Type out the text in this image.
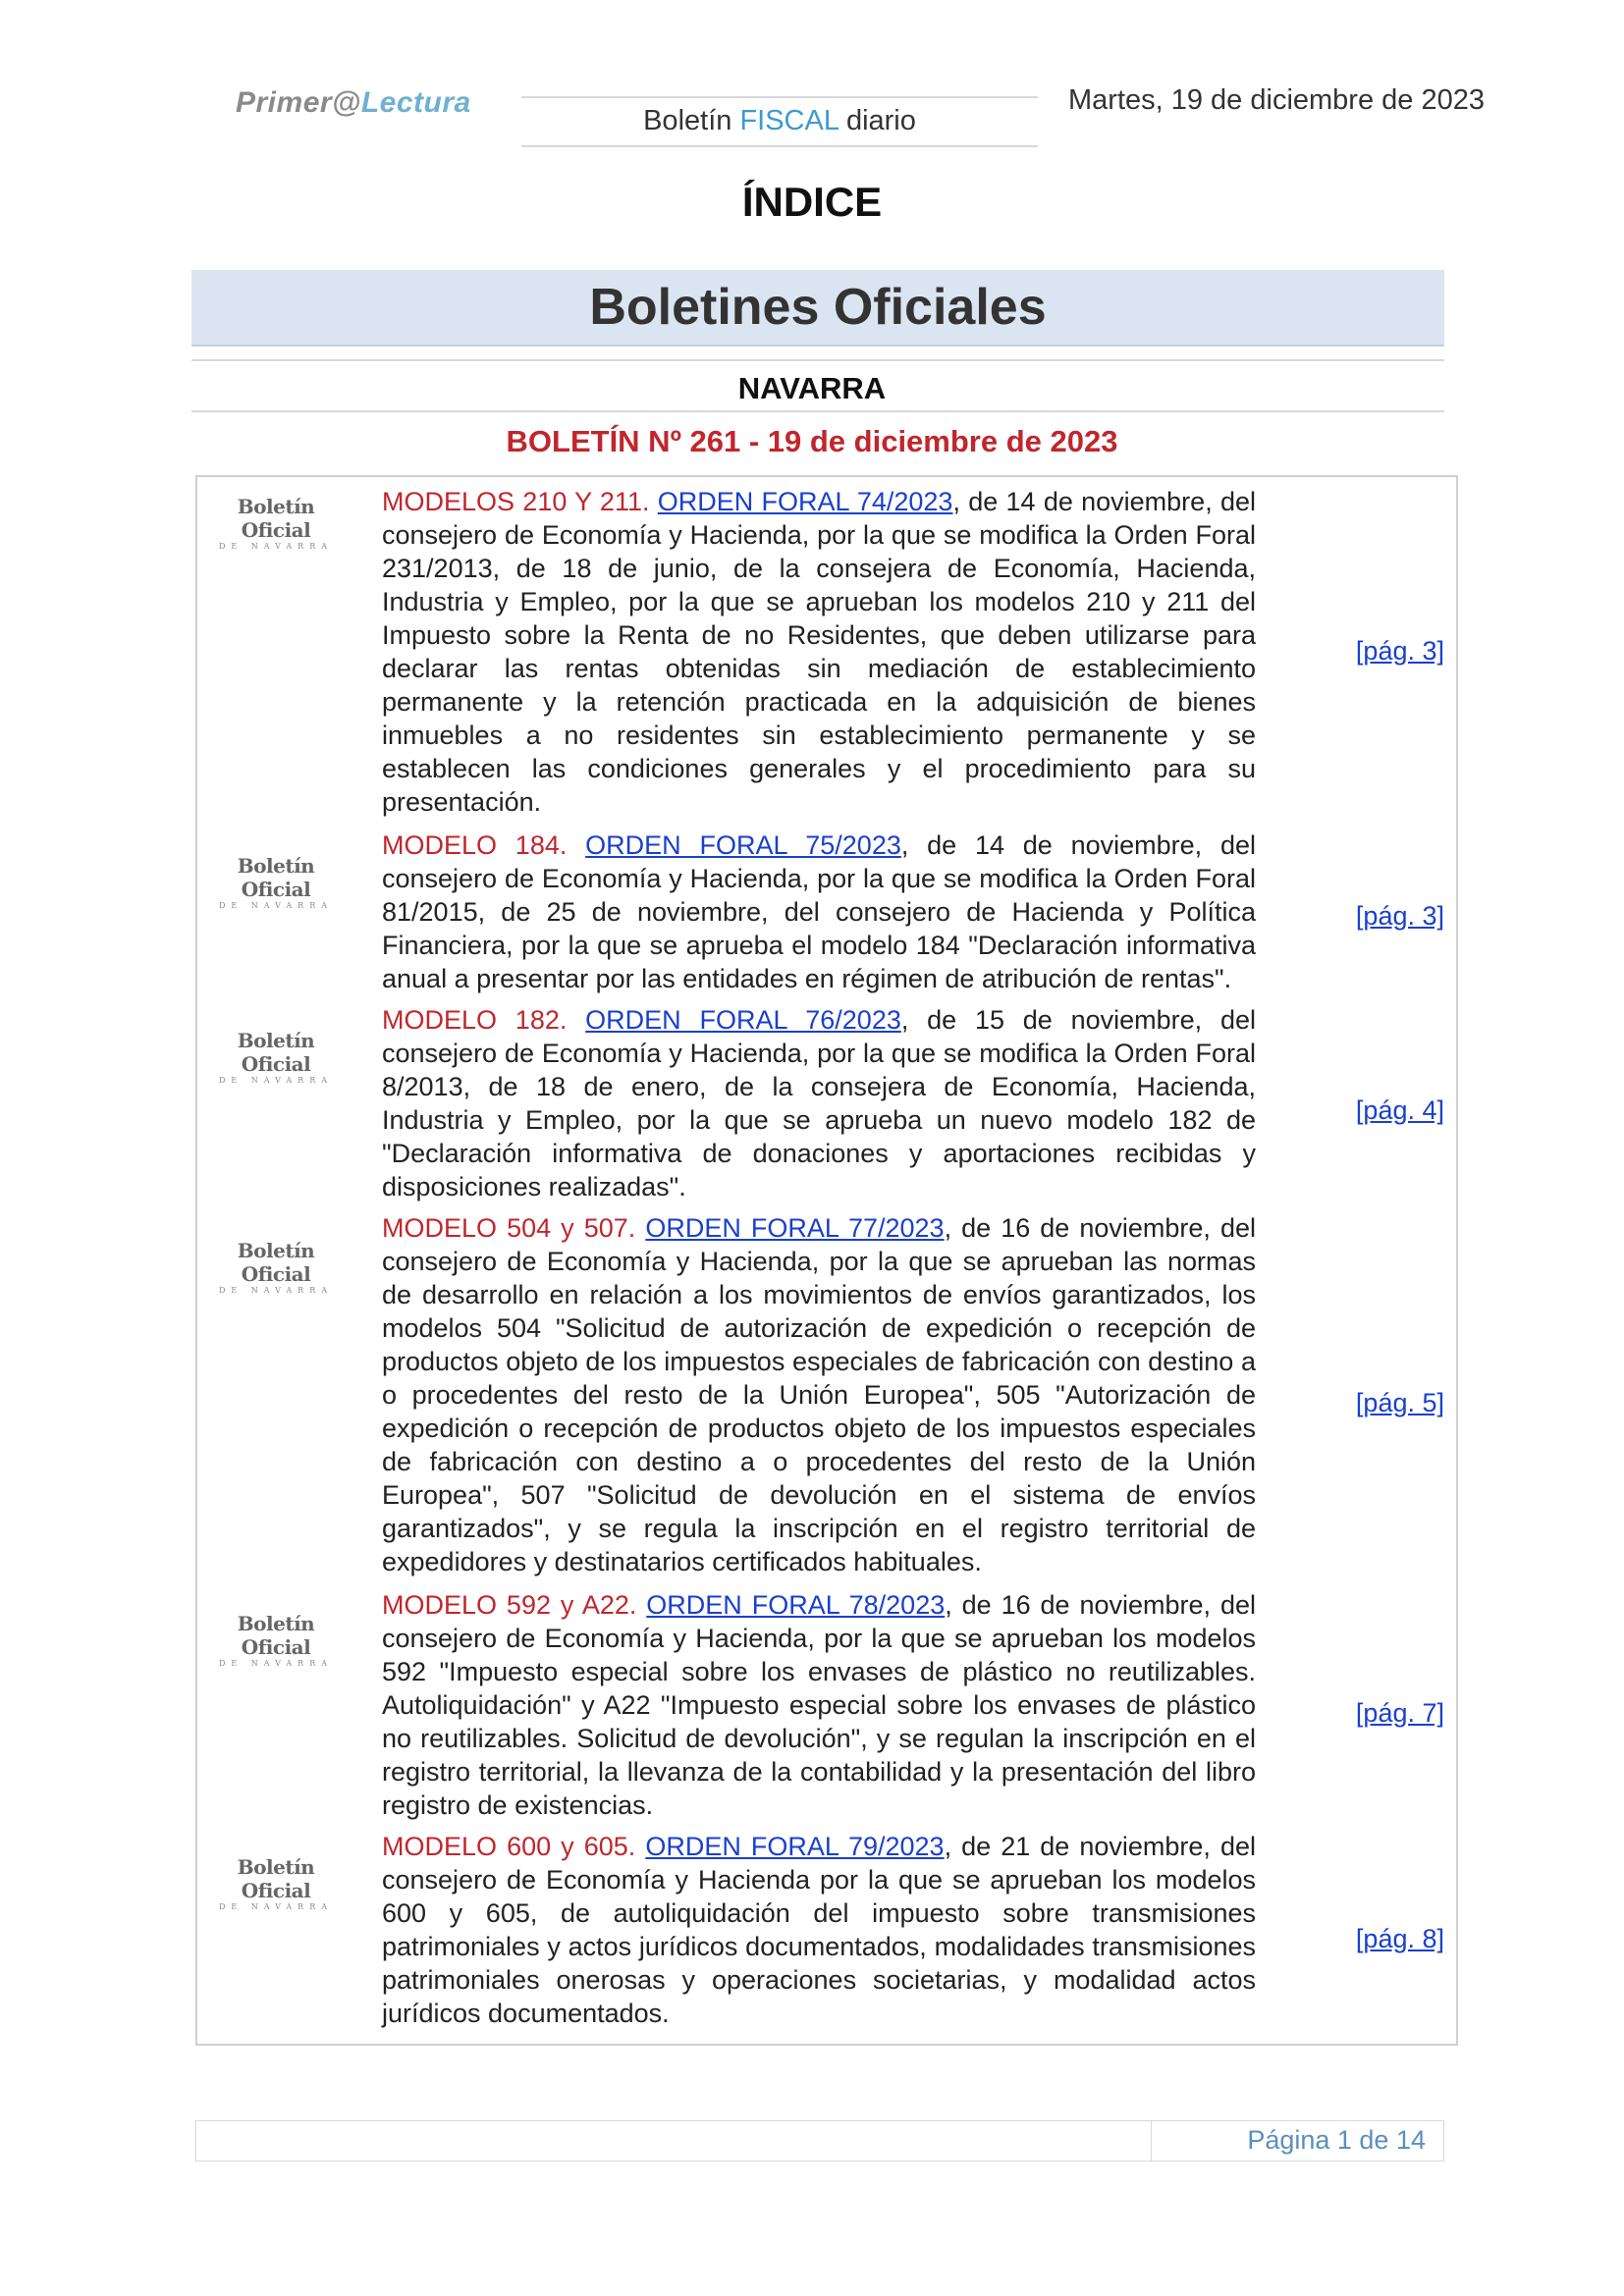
Primer@Lectura
Boletín FISCAL diario
Martes, 19 de diciembre de 2023
ÍNDICE
Boletines Oficiales
NAVARRA
BOLETÍN Nº 261 - 19 de diciembre de 2023
Boletín Oficial
DE NAVARRA
MODELOS 210 Y 211. ORDEN FORAL 74/2023, de 14 de noviembre, del consejero de Economía y Hacienda, por la que se modifica la Orden Foral 231/2013, de 18 de junio, de la consejera de Economía, Hacienda, Industria y Empleo, por la que se aprueban los modelos 210 y 211 del Impuesto sobre la Renta de no Residentes, que deben utilizarse para declarar las rentas obtenidas sin mediación de establecimiento permanente y la retención practicada en la adquisición de bienes inmuebles a no residentes sin establecimiento permanente y se establecen las condiciones generales y el procedimiento para su presentación.
[pág. 3]
Boletín Oficial
DE NAVARRA
MODELO 184. ORDEN FORAL 75/2023, de 14 de noviembre, del consejero de Economía y Hacienda, por la que se modifica la Orden Foral 81/2015, de 25 de noviembre, del consejero de Hacienda y Política Financiera, por la que se aprueba el modelo 184 "Declaración informativa anual a presentar por las entidades en régimen de atribución de rentas".
[pág. 3]
Boletín Oficial
DE NAVARRA
MODELO 182. ORDEN FORAL 76/2023, de 15 de noviembre, del consejero de Economía y Hacienda, por la que se modifica la Orden Foral 8/2013, de 18 de enero, de la consejera de Economía, Hacienda, Industria y Empleo, por la que se aprueba un nuevo modelo 182 de "Declaración informativa de donaciones y aportaciones recibidas y disposiciones realizadas".
[pág. 4]
Boletín Oficial
DE NAVARRA
MODELO 504 y 507. ORDEN FORAL 77/2023, de 16 de noviembre, del consejero de Economía y Hacienda, por la que se aprueban las normas de desarrollo en relación a los movimientos de envíos garantizados, los modelos 504 "Solicitud de autorización de expedición o recepción de productos objeto de los impuestos especiales de fabricación con destino a o procedentes del resto de la Unión Europea", 505 "Autorización de expedición o recepción de productos objeto de los impuestos especiales de fabricación con destino a o procedentes del resto de la Unión Europea", 507 "Solicitud de devolución en el sistema de envíos garantizados", y se regula la inscripción en el registro territorial de expedidores y destinatarios certificados habituales.
[pág. 5]
Boletín Oficial
DE NAVARRA
MODELO 592 y A22. ORDEN FORAL 78/2023, de 16 de noviembre, del consejero de Economía y Hacienda, por la que se aprueban los modelos 592 "Impuesto especial sobre los envases de plástico no reutilizables. Autoliquidación" y A22 "Impuesto especial sobre los envases de plástico no reutilizables. Solicitud de devolución", y se regulan la inscripción en el registro territorial, la llevanza de la contabilidad y la presentación del libro registro de existencias.
[pág. 7]
Boletín Oficial
DE NAVARRA
MODELO 600 y 605. ORDEN FORAL 79/2023, de 21 de noviembre, del consejero de Economía y Hacienda por la que se aprueban los modelos 600 y 605, de autoliquidación del impuesto sobre transmisiones patrimoniales y actos jurídicos documentados, modalidades transmisiones patrimoniales onerosas y operaciones societarias, y modalidad actos jurídicos documentados.
[pág. 8]
Página 1 de 14
